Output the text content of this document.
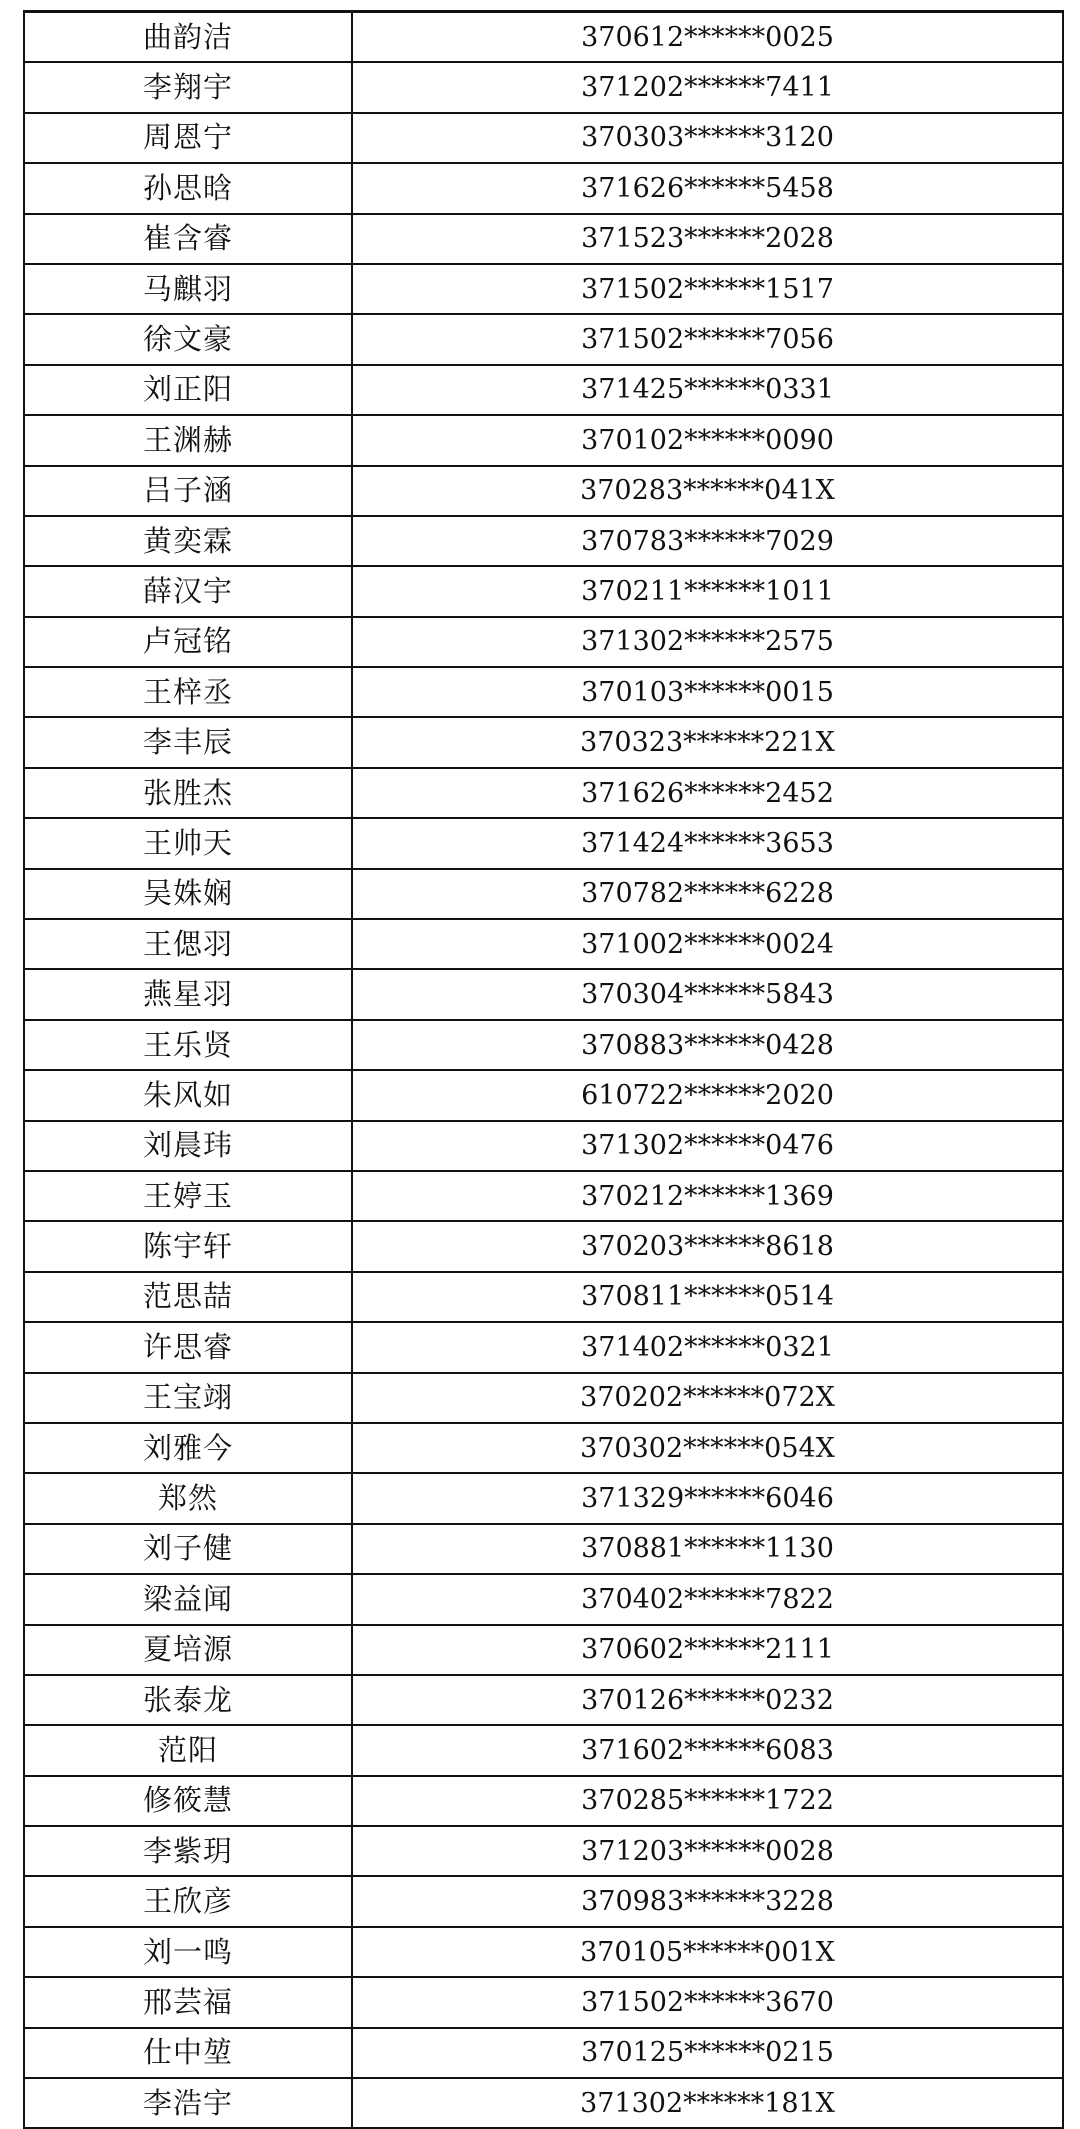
曲韵洁	370612******0025
李翔宇	371202******7411
周恩宁	370303******3120
孙思晗	371626******5458
崔含睿	371523******2028
马麒羽	371502******1517
徐文豪	371502******7056
刘正阳	371425******0331
王渊赫	370102******0090
吕子涵	370283******041X
黄奕霖	370783******7029
薛汉宇	370211******1011
卢冠铭	371302******2575
王梓丞	370103******0015
李丰辰	370323******221X
张胜杰	371626******2452
王帅天	371424******3653
吴姝娴	370782******6228
王偲羽	371002******0024
燕星羽	370304******5843
王乐贤	370883******0428
朱风如	610722******2020
刘晨玮	371302******0476
王婷玉	370212******1369
陈宇轩	370203******8618
范思喆	370811******0514
许思睿	371402******0321
王宝翊	370202******072X
刘雅今	370302******054X
郑然	371329******6046
刘子健	370881******1130
梁益闻	370402******7822
夏培源	370602******2111
张泰龙	370126******0232
范阳	371602******6083
修筱慧	370285******1722
李紫玥	371203******0028
王欣彦	370983******3228
刘一鸣	370105******001X
邢芸福	371502******3670
仕中堃	370125******0215
李浩宇	371302******181X
